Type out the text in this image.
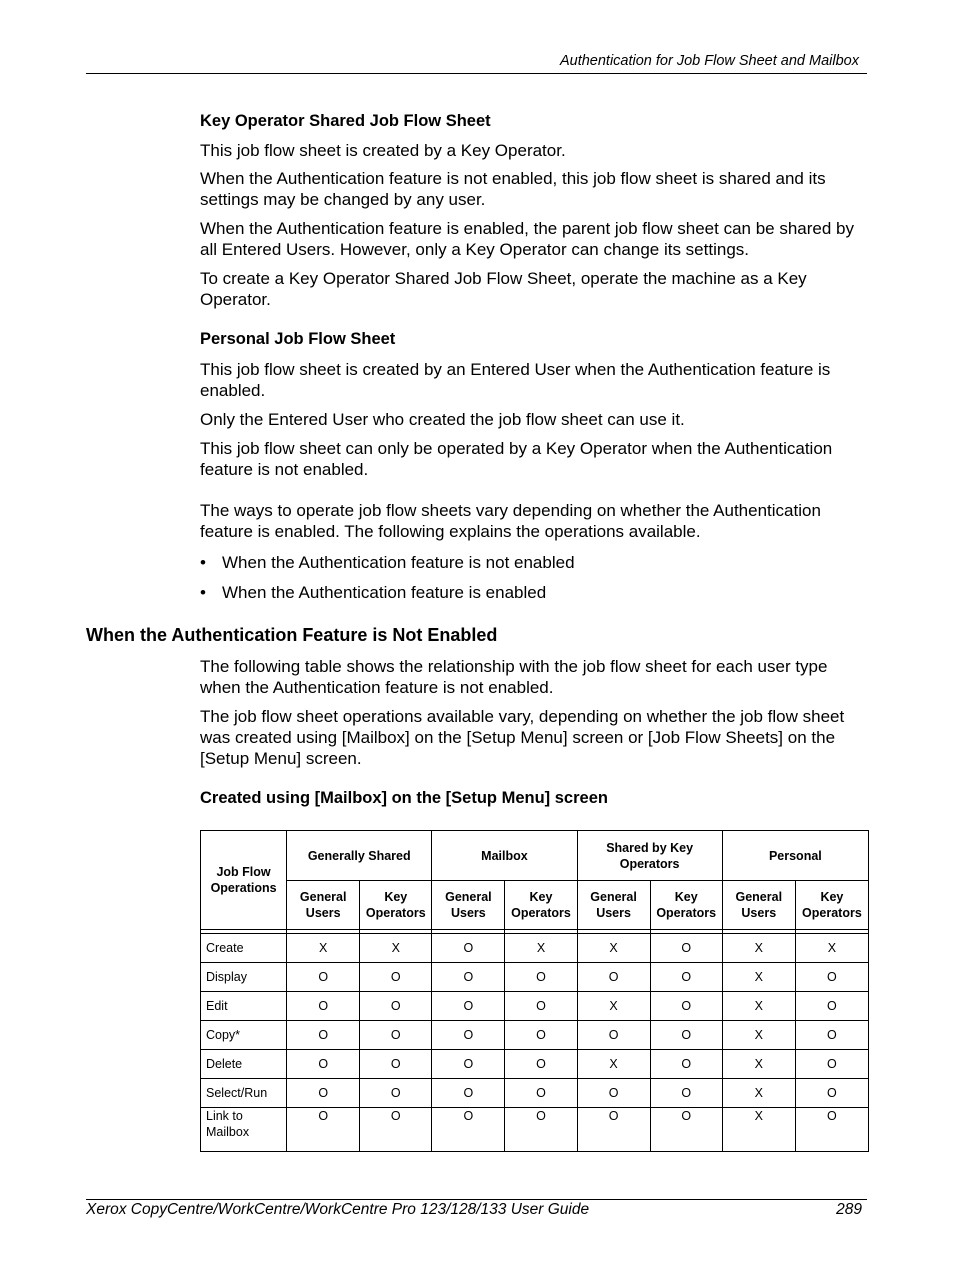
Authentication for Job Flow Sheet and Mailbox
Key Operator Shared Job Flow Sheet

This job flow sheet is created by a Key Operator.

When the Authentication feature is not enabled, this job flow sheet is shared and its settings may be changed by any user.

When the Authentication feature is enabled, the parent job flow sheet can be shared by all Entered Users. However, only a Key Operator can change its settings.

To create a Key Operator Shared Job Flow Sheet, operate the machine as a Key Operator.

Personal Job Flow Sheet

This job flow sheet is created by an Entered User when the Authentication feature is enabled.

Only the Entered User who created the job flow sheet can use it.

This job flow sheet can only be operated by a Key Operator when the Authentication feature is not enabled.

The ways to operate job flow sheets vary depending on whether the Authentication feature is enabled. The following explains the operations available.

• When the Authentication feature is not enabled
• When the Authentication feature is enabled
When the Authentication Feature is Not Enabled

The following table shows the relationship with the job flow sheet for each user type when the Authentication feature is not enabled.

The job flow sheet operations available vary, depending on whether the job flow sheet was created using [Mailbox] on the [Setup Menu] screen or [Job Flow Sheets] on the [Setup Menu] screen.

Created using [Mailbox] on the [Setup Menu] screen
Job Flow Operations	Generally Shared		Mailbox		Shared by Key Operators		Personal	
	General Users	Key Operators	General Users	Key Operators	General Users	Key Operators	General Users	Key Operators

Create	X	X	O	X	X	O	X	X
Display	O	O	O	O	O	O	X	O
Edit	O	O	O	O	X	O	X	O
Copy*	O	O	O	O	O	O	X	O
Delete	O	O	O	O	X	O	X	O
Select/Run	O	O	O	O	O	O	X	O
Link to Mailbox	O	O	O	O	O	O	X	O
Xerox CopyCentre/WorkCentre/WorkCentre Pro 123/128/133 User Guide	289
